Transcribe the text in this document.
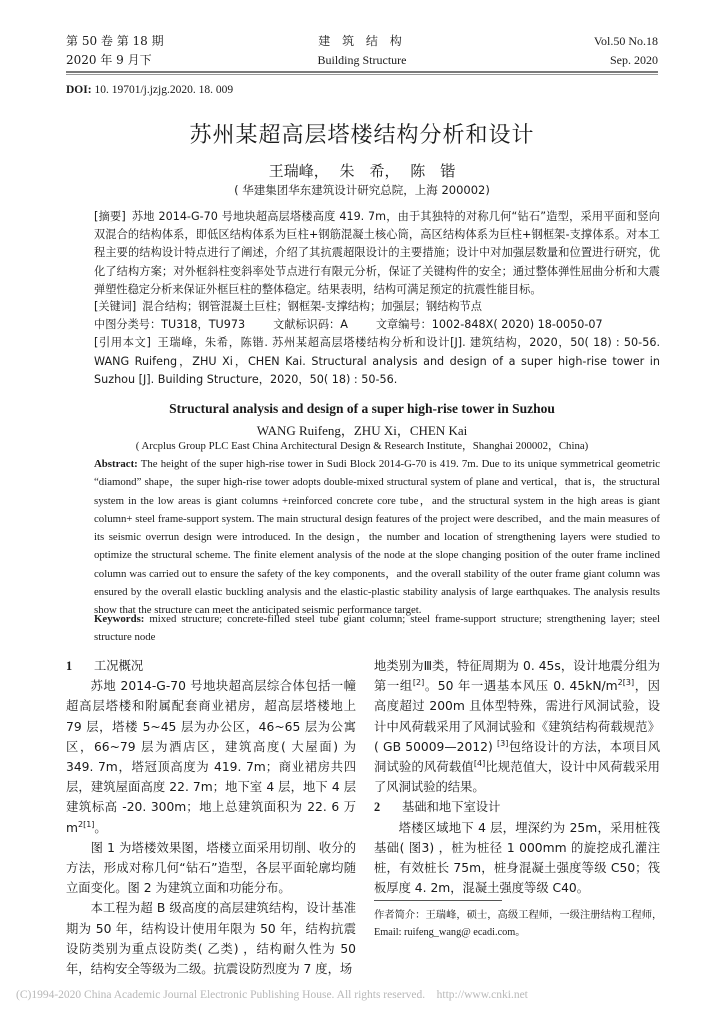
第 50 卷 第 18 期
2020 年 9 月下
建 筑 结 构
Building Structure
Vol.50 No.18
Sep. 2020
DOI: 10. 19701/j.jzjg.2020. 18. 009
苏州某超高层塔楼结构分析和设计
王瑞峰， 朱　希， 陈　锴
( 华建集团华东建筑设计研究总院，上海 200002)
[摘要] 苏地 2014-G-70 号地块超高层塔楼高度 419. 7m，由于其独特的对称几何“钻石”造型，采用平面和竖向双混合的结构体系，即低区结构体系为巨柱+钢筋混凝土核心筒，高区结构体系为巨柱+钢框架-支撑体系。对本工程主要的结构设计特点进行了阐述，介绍了其抗震超限设计的主要措施；设计中对加强层数量和位置进行研究，优化了结构方案；对外框斜柱变斜率处节点进行有限元分析，保证了关键构件的安全；通过整体弹性屈曲分析和大震弹塑性稳定分析来保证外框巨柱的整体稳定。结果表明，结构可满足预定的抗震性能目标。
[关键词] 混合结构；钢管混凝土巨柱；钢框架-支撑结构；加强层；钢结构节点
中图分类号：TU318，TU973	文献标识码：A	文章编号：1002-848X( 2020) 18-0050-07
[引用本文] 王瑞峰，朱希，陈锴. 苏州某超高层塔楼结构分析和设计[J]. 建筑结构，2020，50( 18) : 50-56. WANG Ruifeng，ZHU Xi，CHEN Kai. Structural analysis and design of a super high-rise tower in Suzhou [J]. Building Structure，2020，50( 18) : 50-56.
Structural analysis and design of a super high-rise tower in Suzhou
WANG Ruifeng，ZHU Xi，CHEN Kai
( Arcplus Group PLC East China Architectural Design & Research Institute，Shanghai 200002，China)
Abstract: The height of the super high-rise tower in Sudi Block 2014-G-70 is 419. 7m. Due to its unique symmetrical geometric “diamond” shape，the super high-rise tower adopts double-mixed structural system of plane and vertical，that is，the structural system in the low areas is giant columns +reinforced concrete core tube，and the structural system in the high areas is giant column+ steel frame-support system. The main structural design features of the project were described，and the main measures of its seismic overrun design were introduced. In the design，the number and location of strengthening layers were studied to optimize the structural scheme. The finite element analysis of the node at the slope changing position of the outer frame inclined column was carried out to ensure the safety of the key components，and the overall stability of the outer frame giant column was ensured by the overall elastic buckling analysis and the elastic-plastic stability analysis of large earthquakes. The analysis results show that the structure can meet the anticipated seismic performance target.
Keywords: mixed structure; concrete-filled steel tube giant column; steel frame-support structure; strengthening layer; steel structure node

1 工况概况

苏地 2014-G-70 号地块超高层综合体包括一幢超高层塔楼和附属配套商业裙房，超高层塔楼地上 79 层，塔楼 5~45 层为办公区，46~65 层为公寓区，66~79 层为酒店区，建筑高度( 大屋面) 为 349. 7m，塔冠顶高度为 419. 7m；商业裙房共四层，建筑屋面高度 22. 7m；地下室 4 层，地下 4 层建筑标高 -20. 300m；地上总建筑面积为 22. 6 万 $m^{2[1]}$。

图 1 为塔楼效果图，塔楼立面采用切削、收分的方法，形成对称几何“钻石”造型，各层平面轮廓均随立面变化。图 2 为建筑立面和功能分布。

本工程为超 B 级高度的高层建筑结构，设计基准期为 50 年，结构设计使用年限为 50 年，结构抗震设防类别为重点设防类( 乙类) ，结构耐久性为 50 年，结构安全等级为二级。抗震设防烈度为 7 度，场

地类别为Ⅲ类，特征周期为 0. 45s，设计地震分组为第一组[2]。50 年一遇基本风压 0. $45kN/m^{2[3]}$，因高度超过 200m 且体型特殊，需进行风洞试验，设计中风荷载采用了风洞试验和《建筑结构荷载规范》( GB 50009—2012) [3]包络设计的方法，本项目风洞试验的风荷载值[4]比规范值大，设计中风荷载采用了风洞试验的结果。

2 基础和地下室设计

塔楼区域地下 4 层，埋深约为 25m，采用桩筏基础( 图3) ，桩为桩径 1 000mm 的旋挖成孔灌注桩，有效桩长 75m，桩身混凝土强度等级 C50；筏板厚度 4. 2m，混凝土强度等级 C40。

作者简介：王瑞峰，硕士，高级工程师，一级注册结构工程师，
Email: ruifeng_wang@ ecadi.com。
(C)1994-2020 China Academic Journal Electronic Publishing House. All rights reserved.    http://www.cnki.net
